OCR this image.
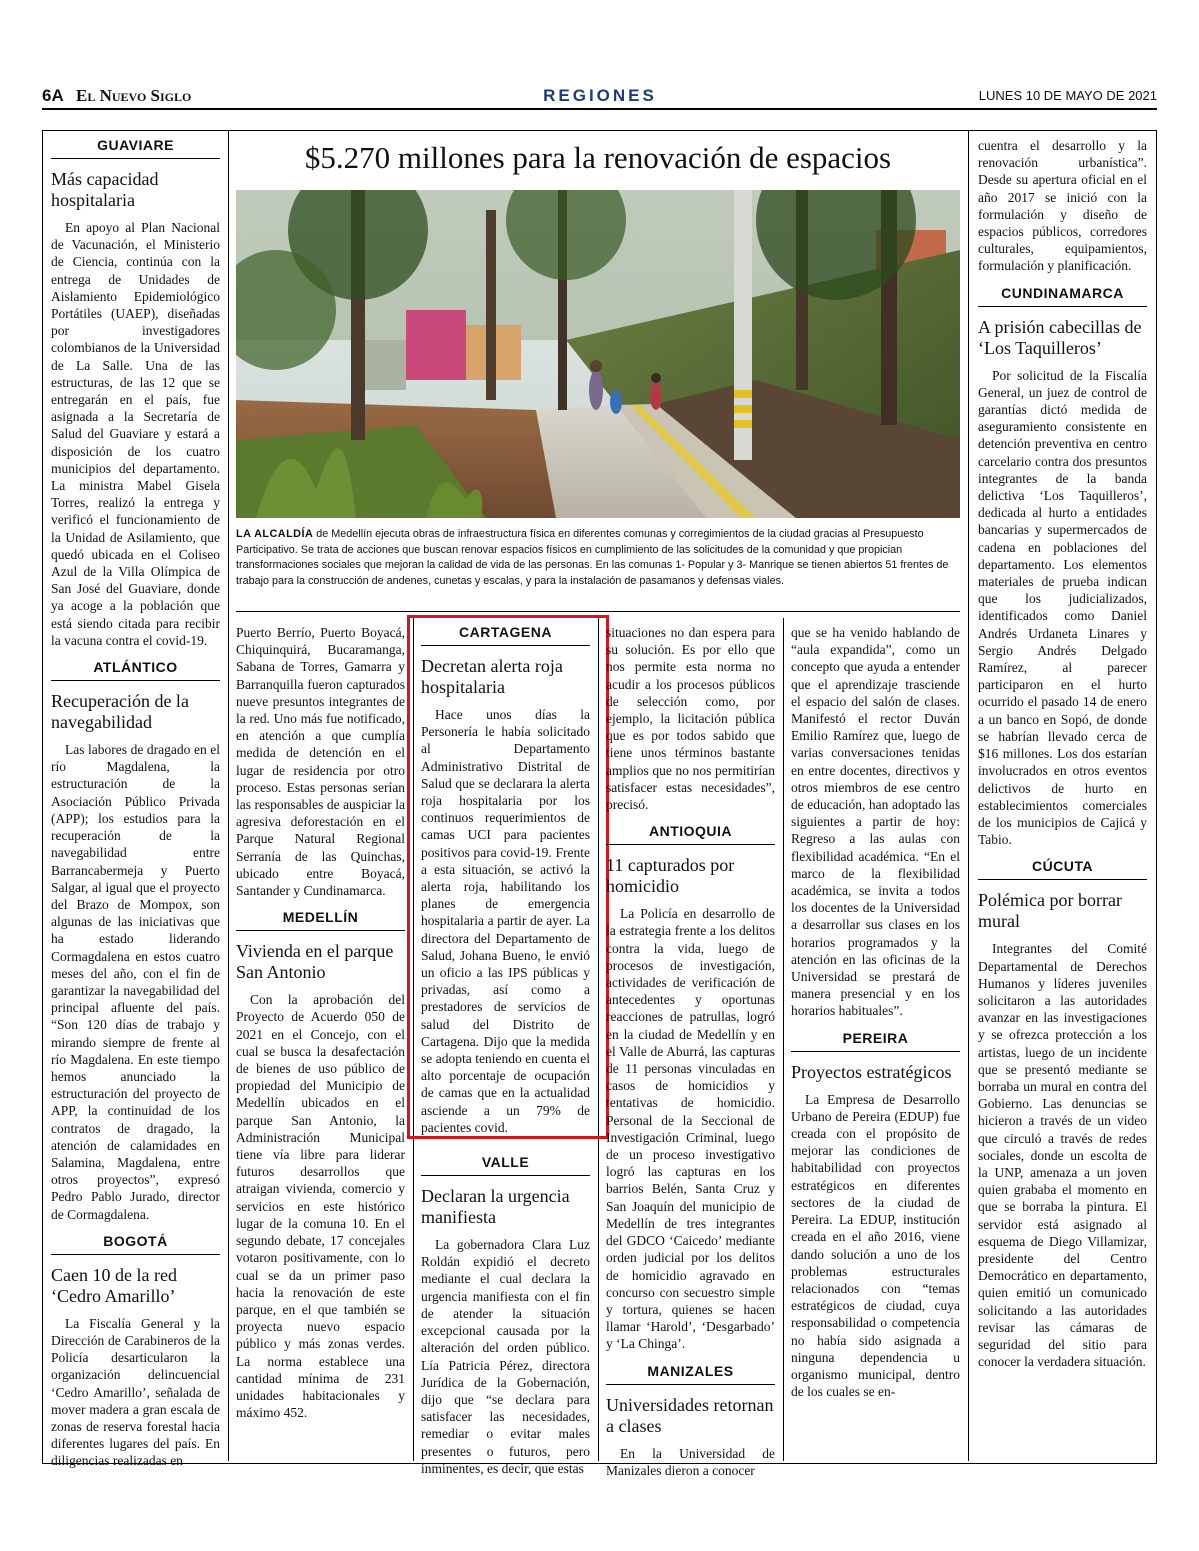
6A El Nuevo Siglo	REGIONES	LUNES 10 DE MAYO DE 2021
$5.270 millones para la renovación de espacios
LA ALCALDÍA de Medellín ejecuta obras de infraestructura física en diferentes comunas y corregimientos de la ciudad gracias al Presupuesto Participativo. Se trata de acciones que buscan renovar espacios físicos en cumplimiento de las solicitudes de la comunidad y que propician transformaciones sociales que mejoran la calidad de vida de las personas. En las comunas 1- Popular y 3- Manrique se tienen abiertos 51 frentes de trabajo para la construcción de andenes, cunetas y escalas, y para la instalación de pasamanos y defensas viales.
GUAVIARE
Más capacidad hospitalaria

En apoyo al Plan Nacional de Vacunación, el Ministerio de Ciencia, continúa con la entrega de Unidades de Aislamiento Epidemiológico Portátiles (UAEP), diseñadas por investigadores colombianos de la Universidad de La Salle. Una de las estructuras, de las 12 que se entregarán en el país, fue asignada a la Secretaría de Salud del Guaviare y estará a disposición de los cuatro municipios del departamento. La ministra Mabel Gisela Torres, realizó la entrega y verificó el funcionamiento de la Unidad de Asilamiento, que quedó ubicada en el Coliseo Azul de la Villa Olímpica de San José del Guaviare, donde ya acoge a la población que está siendo citada para recibir la vacuna contra el covid-19.

ATLÁNTICO
Recuperación de la navegabilidad

Las labores de dragado en el río Magdalena, la estructuración de la Asociación Público Privada (APP); los estudios para la recuperación de la navegabilidad entre Barrancabermeja y Puerto Salgar, al igual que el proyecto del Brazo de Mompox, son algunas de las iniciativas que ha estado liderando Cormagdalena en estos cuatro meses del año, con el fin de garantizar la navegabilidad del principal afluente del país. “Son 120 días de trabajo y mirando siempre de frente al río Magdalena. En este tiempo hemos anunciado la estructuración del proyecto de APP, la continuidad de los contratos de dragado, la atención de calamidades en Salamina, Magdalena, entre otros proyectos”, expresó Pedro Pablo Jurado, director de Cormagdalena.

BOGOTÁ
Caen 10 de la red ‘Cedro Amarillo’

La Fiscalía General y la Dirección de Carabineros de la Policía desarticularon la organización delincuencial ‘Cedro Amarillo’, señalada de mover madera a gran escala de zonas de reserva forestal hacia diferentes lugares del país. En diligencias realizadas en

Puerto Berrío, Puerto Boyacá, Chiquinquirá, Bucaramanga, Sabana de Torres, Gamarra y Barranquilla fueron capturados nueve presuntos integrantes de la red. Uno más fue notificado, en atención a que cumplía medida de detención en el lugar de residencia por otro proceso. Estas personas serían las responsables de auspiciar la agresiva deforestación en el Parque Natural Regional Serranía de las Quinchas, ubicado entre Boyacá, Santander y Cundinamarca.

MEDELLÍN
Vivienda en el parque San Antonio

Con la aprobación del Proyecto de Acuerdo 050 de 2021 en el Concejo, con el cual se busca la desafectación de bienes de uso público de propiedad del Municipio de Medellín ubicados en el parque San Antonio, la Administración Municipal tiene vía libre para liderar futuros desarrollos que atraigan vivienda, comercio y servicios en este histórico lugar de la comuna 10. En el segundo debate, 17 concejales votaron positivamente, con lo cual se da un primer paso hacia la renovación de este parque, en el que también se proyecta nuevo espacio público y más zonas verdes. La norma establece una cantidad mínima de 231 unidades habitacionales y máximo 452.

CARTAGENA
Decretan alerta roja hospitalaria

Hace unos días la Personería le había solicitado al Departamento Administrativo Distrital de Salud que se declarara la alerta roja hospitalaria por los continuos requerimientos de camas UCI para pacientes positivos para covid-19. Frente a esta situación, se activó la alerta roja, habilitando los planes de emergencia hospitalaria a partir de ayer. La directora del Departamento de Salud, Johana Bueno, le envió un oficio a las IPS públicas y privadas, así como a prestadores de servicios de salud del Distrito de Cartagena. Dijo que la medida se adopta teniendo en cuenta el alto porcentaje de ocupación de camas que en la actualidad asciende a un 79% de pacientes covid.

VALLE
Declaran la urgencia manifiesta

La gobernadora Clara Luz Roldán expidió el decreto mediante el cual declara la urgencia manifiesta con el fin de atender la situación excepcional causada por la alteración del orden público. Lía Patricia Pérez, directora Jurídica de la Gobernación, dijo que “se declara para satisfacer las necesidades, remediar o evitar males presentes o futuros, pero inminentes, es decir, que estas

situaciones no dan espera para su solución. Es por ello que nos permite esta norma no acudir a los procesos públicos de selección como, por ejemplo, la licitación pública que es por todos sabido que tiene unos términos bastante amplios que no nos permitirían satisfacer estas necesidades”, precisó.

ANTIOQUIA
11 capturados por homicidio

La Policía en desarrollo de la estrategia frente a los delitos contra la vida, luego de procesos de investigación, actividades de verificación de antecedentes y oportunas reacciones de patrullas, logró en la ciudad de Medellín y en el Valle de Aburrá, las capturas de 11 personas vinculadas en casos de homicidios y tentativas de homicidio. Personal de la Seccional de Investigación Criminal, luego de un proceso investigativo logró las capturas en los barrios Belén, Santa Cruz y San Joaquín del municipio de Medellín de tres integrantes del GDCO ‘Caicedo’ mediante orden judicial por los delitos de homicidio agravado en concurso con secuestro simple y tortura, quienes se hacen llamar ‘Harold’, ‘Desgarbado’ y ‘La Chinga’.

MANIZALES
Universidades retornan a clases

En la Universidad de Manizales dieron a conocer

que se ha venido hablando de “aula expandida”, como un concepto que ayuda a entender que el aprendizaje trasciende el espacio del salón de clases. Manifestó el rector Duván Emilio Ramírez que, luego de varias conversaciones tenidas en entre docentes, directivos y otros miembros de ese centro de educación, han adoptado las siguientes a partir de hoy: Regreso a las aulas con flexibilidad académica. “En el marco de la flexibilidad académica, se invita a todos los docentes de la Universidad a desarrollar sus clases en los horarios programados y la atención en las oficinas de la Universidad se prestará de manera presencial y en los horarios habituales”.

PEREIRA
Proyectos estratégicos

La Empresa de Desarrollo Urbano de Pereira (EDUP) fue creada con el propósito de mejorar las condiciones de habitabilidad con proyectos estratégicos en diferentes sectores de la ciudad de Pereira. La EDUP, institución creada en el año 2016, viene dando solución a uno de los problemas estructurales relacionados con “temas estratégicos de ciudad, cuya responsabilidad o competencia no había sido asignada a ninguna dependencia u organismo municipal, dentro de los cuales se en-

cuentra el desarrollo y la renovación urbanística”. Desde su apertura oficial en el año 2017 se inició con la formulación y diseño de espacios públicos, corredores culturales, equipamientos, formulación y planificación.

CUNDINAMARCA
A prisión cabecillas de ‘Los Taquilleros’

Por solicitud de la Fiscalía General, un juez de control de garantías dictó medida de aseguramiento consistente en detención preventiva en centro carcelario contra dos presuntos integrantes de la banda delictiva ‘Los Taquilleros’, dedicada al hurto a entidades bancarias y supermercados de cadena en poblaciones del departamento. Los elementos materiales de prueba indican que los judicializados, identificados como Daniel Andrés Urdaneta Linares y Sergio Andrés Delgado Ramírez, al parecer participaron en el hurto ocurrido el pasado 14 de enero a un banco en Sopó, de donde se habrían llevado cerca de $16 millones. Los dos estarían involucrados en otros eventos delictivos de hurto en establecimientos comerciales de los municipios de Cajicá y Tabio.

CÚCUTA
Polémica por borrar mural

Integrantes del Comité Departamental de Derechos Humanos y líderes juveniles solicitaron a las autoridades avanzar en las investigaciones y se ofrezca protección a los artistas, luego de un incidente que se presentó mediante se borraba un mural en contra del Gobierno. Las denuncias se hicieron a través de un video que circuló a través de redes sociales, donde un escolta de la UNP, amenaza a un joven quien grababa el momento en que se borraba la pintura. El servidor está asignado al esquema de Diego Villamizar, presidente del Centro Democrático en departamento, quien emitió un comunicado solicitando a las autoridades revisar las cámaras de seguridad del sitio para conocer la verdadera situación.
